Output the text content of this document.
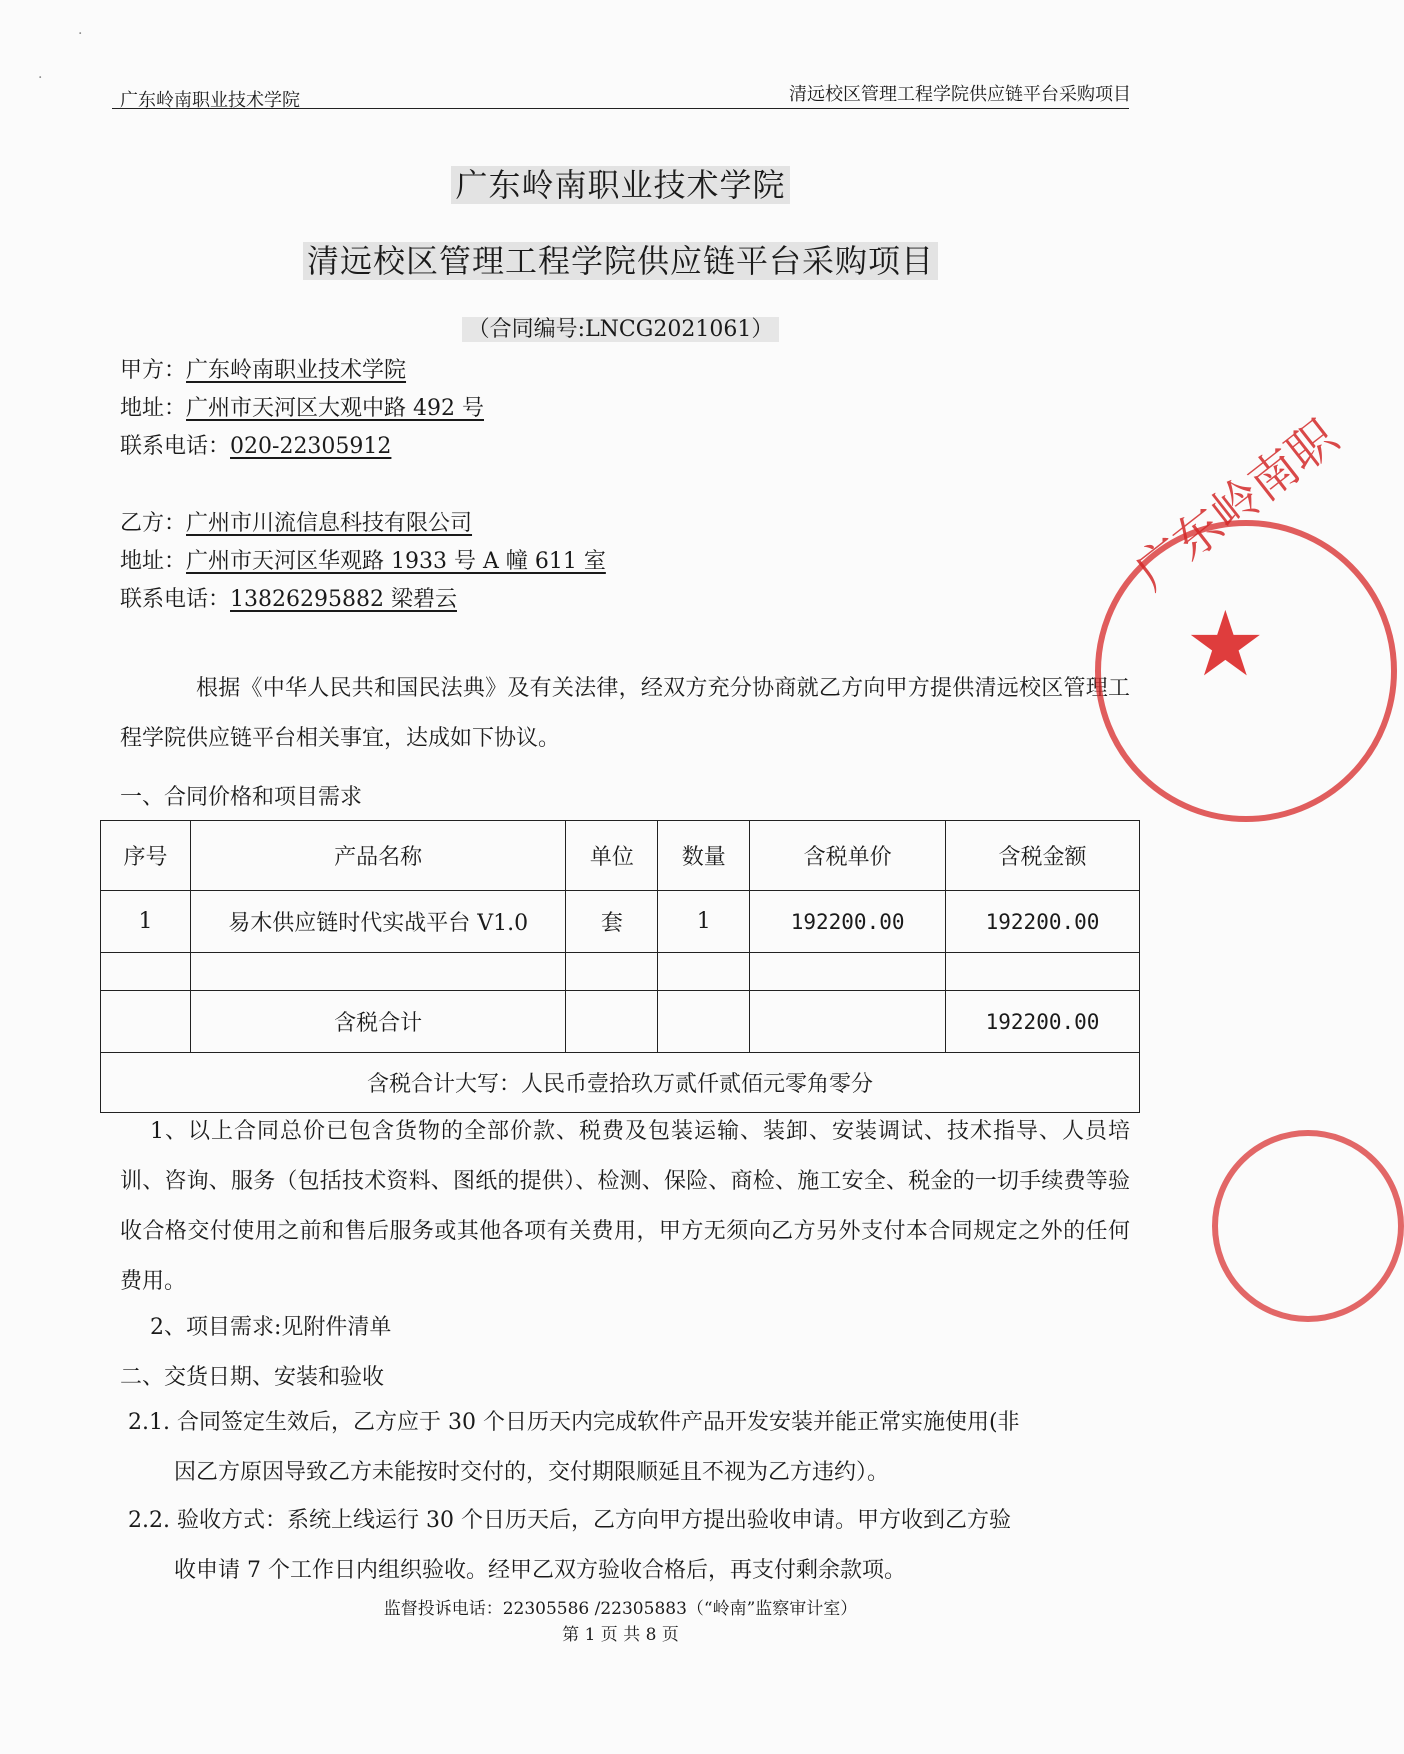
广东岭南职业技术学院	清远校区管理工程学院供应链平台采购项目
广东岭南职业技术学院
清远校区管理工程学院供应链平台采购项目
（合同编号:LNCG2021061）
甲方：广东岭南职业技术学院
地址：广州市天河区大观中路 492 号
联系电话：020-22305912
乙方：广州市川流信息科技有限公司
地址：广州市天河区华观路 1933 号 A 幢 611 室
联系电话：13826295882 梁碧云
根据《中华人民共和国民法典》及有关法律，经双方充分协商就乙方向甲方提供清远校区管理工程学院供应链平台相关事宜，达成如下协议。
一、合同价格和项目需求
序号	产品名称	单位	数量	含税单价	含税金额
1	易木供应链时代实战平台 V1.0	套	1	192200.00	192200.00

	含税合计				192200.00
含税合计大写：人民币壹拾玖万贰仟贰佰元零角零分					
1、以上合同总价已包含货物的全部价款、税费及包装运输、装卸、安装调试、技术指导、人员培训、咨询、服务（包括技术资料、图纸的提供）、检测、保险、商检、施工安全、税金的一切手续费等验收合格交付使用之前和售后服务或其他各项有关费用，甲方无须向乙方另外支付本合同规定之外的任何费用。
2、项目需求:见附件清单
二、交货日期、安装和验收
2.1. 合同签定生效后，乙方应于 30 个日历天内完成软件产品开发安装并能正常实施使用(非
因乙方原因导致乙方未能按时交付的，交付期限顺延且不视为乙方违约）。
2.2. 验收方式：系统上线运行 30 个日历天后，乙方向甲方提出验收申请。甲方收到乙方验
收申请 7 个工作日内组织验收。经甲乙双方验收合格后，再支付剩余款项。
监督投诉电话：22305586 /22305883（“岭南”监察审计室）
第 1 页 共 8 页
广东岭南职
★
·
·
